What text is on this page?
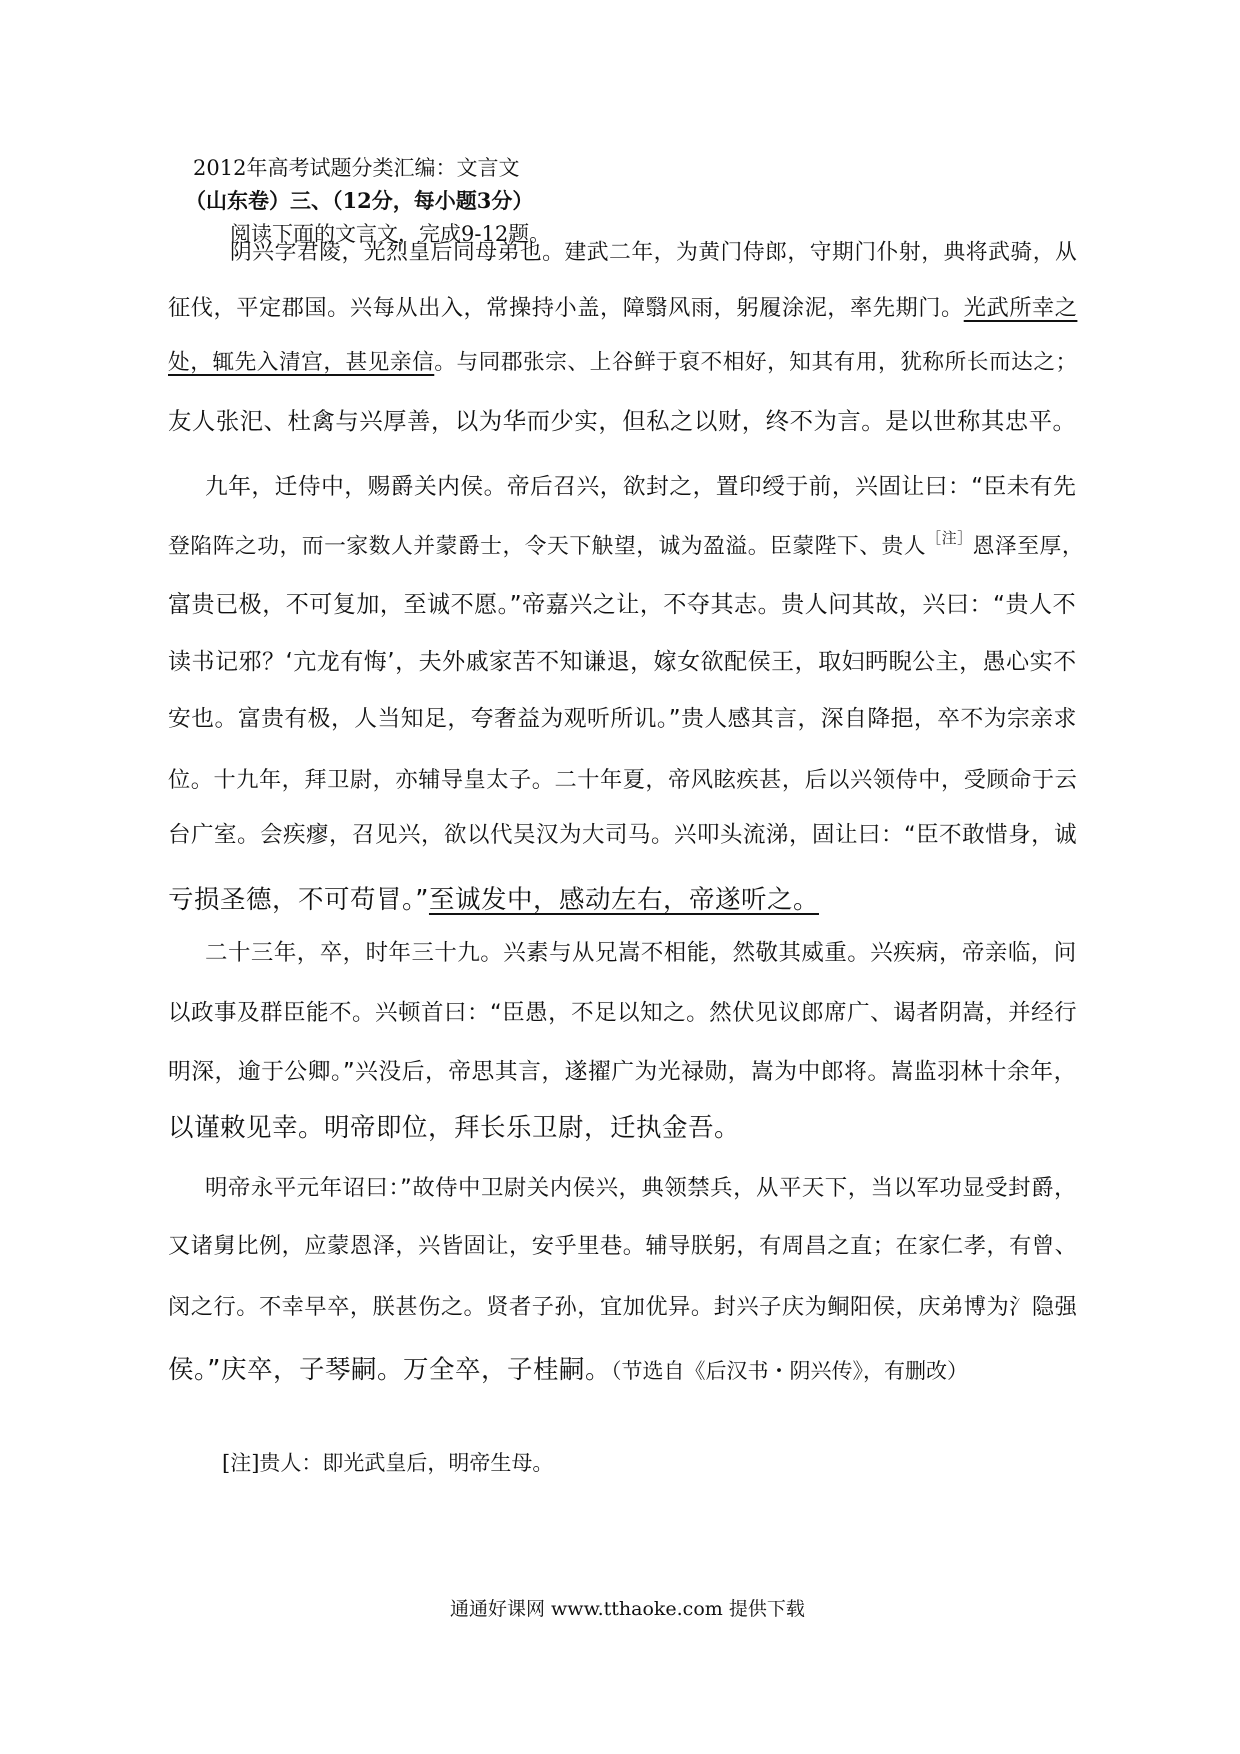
2012年高考试题分类汇编：文言文
（山东卷）三、（12分，每小题3分）
阅读下面的文言文，完成9-12题。
阴兴字君陵，光烈皇后同母弟也。建武二年，为黄门侍郎，守期门仆射，典将武骑，从
征伐，平定郡国。兴每从出入，常操持小盖，障翳风雨，躬履涂泥，率先期门。光武所幸之
处，辄先入清宫，甚见亲信。与同郡张宗、上谷鲜于裒不相好，知其有用，犹称所长而达之；
友人张汜、杜禽与兴厚善，以为华而少实，但私之以财，终不为言。是以世称其忠平。
九年，迁侍中，赐爵关内侯。帝后召兴，欲封之，置印绶于前，兴固让曰：“臣未有先
登陷阵之功，而一家数人并蒙爵士，令天下觖望，诚为盈溢。臣蒙陛下、贵人$^{[注]}$恩泽至厚，
富贵已极，不可复加，至诚不愿。”帝嘉兴之让，不夺其志。贵人问其故，兴曰：“贵人不
读书记邪？‘亢龙有悔’，夫外戚家苦不知谦退，嫁女欲配侯王，取妇眄睨公主，愚心实不
安也。富贵有极，人当知足，夸奢益为观听所讥。”贵人感其言，深自降挹，卒不为宗亲求
位。十九年，拜卫尉，亦辅导皇太子。二十年夏，帝风眩疾甚，后以兴领侍中，受顾命于云
台广室。会疾瘳，召见兴，欲以代吴汉为大司马。兴叩头流涕，固让曰：“臣不敢惜身，诚
亏损圣德，不可苟冒。”至诚发中，感动左右，帝遂听之。
二十三年，卒，时年三十九。兴素与从兄嵩不相能，然敬其威重。兴疾病，帝亲临，问
以政事及群臣能不。兴顿首曰：“臣愚，不足以知之。然伏见议郎席广、谒者阴嵩，并经行
明深，逾于公卿。”兴没后，帝思其言，遂擢广为光禄勋，嵩为中郎将。嵩监羽林十余年，
以谨敕见幸。明帝即位，拜长乐卫尉，迁执金吾。
明帝永平元年诏曰：”故侍中卫尉关内侯兴，典领禁兵，从平天下，当以军功显受封爵，
又诸舅比例，应蒙恩泽，兴皆固让，安乎里巷。辅导朕躬，有周昌之直；在家仁孝，有曾、
闵之行。不幸早卒，朕甚伤之。贤者子孙，宜加优异。封兴子庆为鲖阳侯，庆弟博为氵隐强
侯。”庆卒，子琴嗣。万全卒，子桂嗣。（节选自《后汉书・阴兴传》，有删改）
[注]贵人：即光武皇后，明帝生母。
通通好课网 www.tthaoke.com 提供下载
